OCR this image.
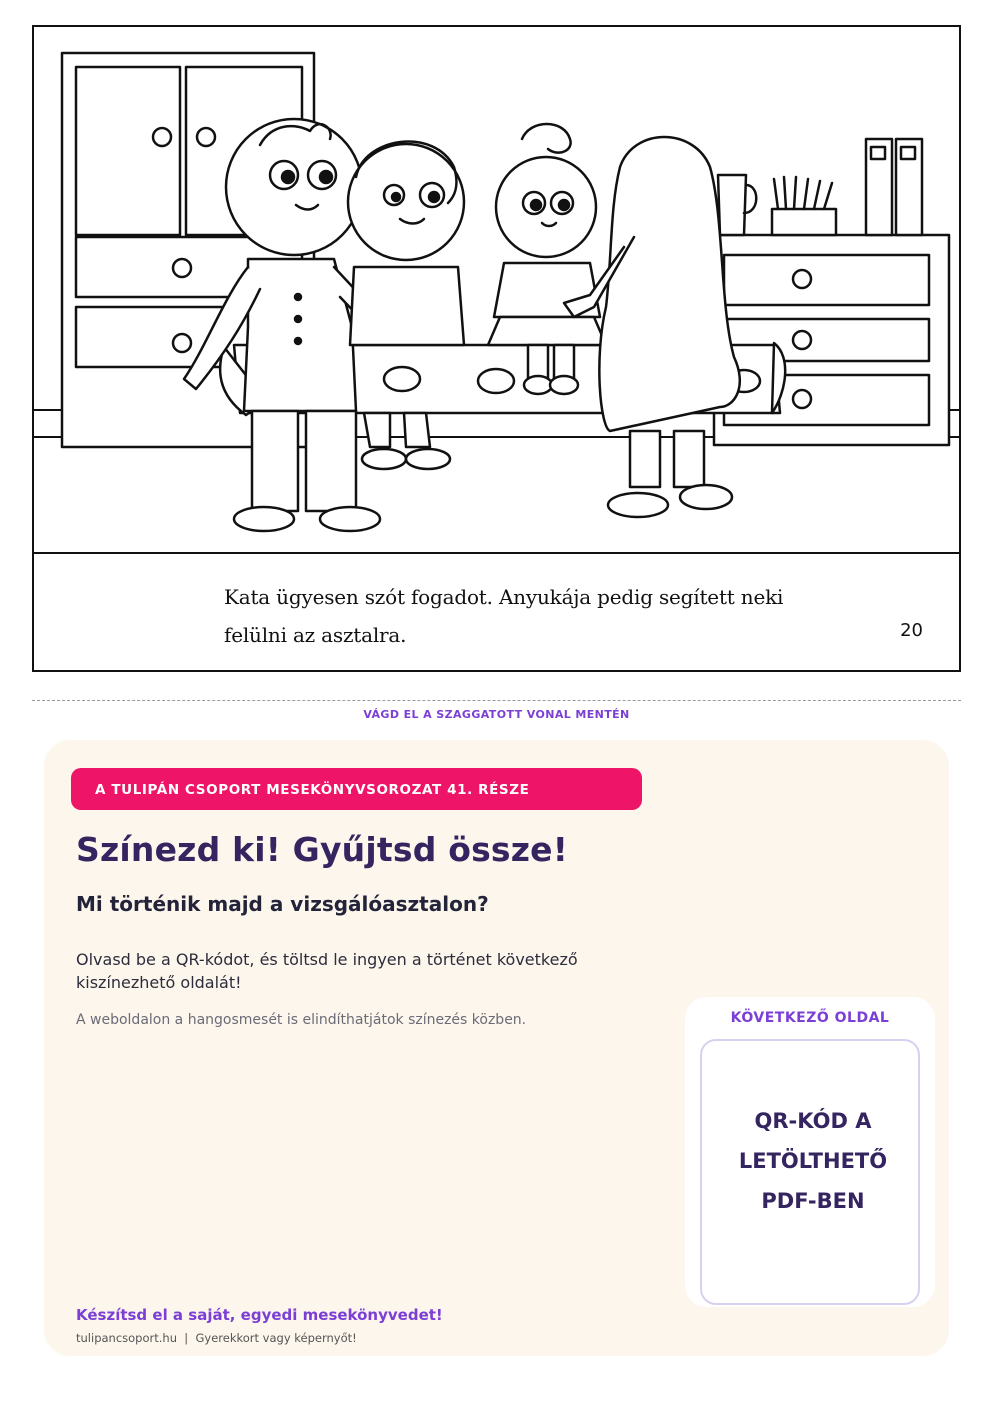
Kata ügyesen szót fogadot. Anyukája pedig segített neki
felülni az asztalra.	20
VÁGD EL A SZAGGATOTT VONAL MENTÉN
A TULIPÁN CSOPORT MESEKÖNYVSOROZAT 41. RÉSZE
Színezd ki! Gyűjtsd össze!
Mi történik majd a vizsgálóasztalon?

Olvasd be a QR-kódot, és töltsd le ingyen a történet következő kiszínezhető oldalát!

A weboldalon a hangosmesét is elindíthatjátok színezés közben.	KÖVETKEZŐ OLDAL
QR-KÓD A LETÖLTHETŐ PDF-BEN

Készítsd el a saját, egyedi mesekönyvedet!

tulipancsoport.hu | Gyerekkort vagy képernyőt!
